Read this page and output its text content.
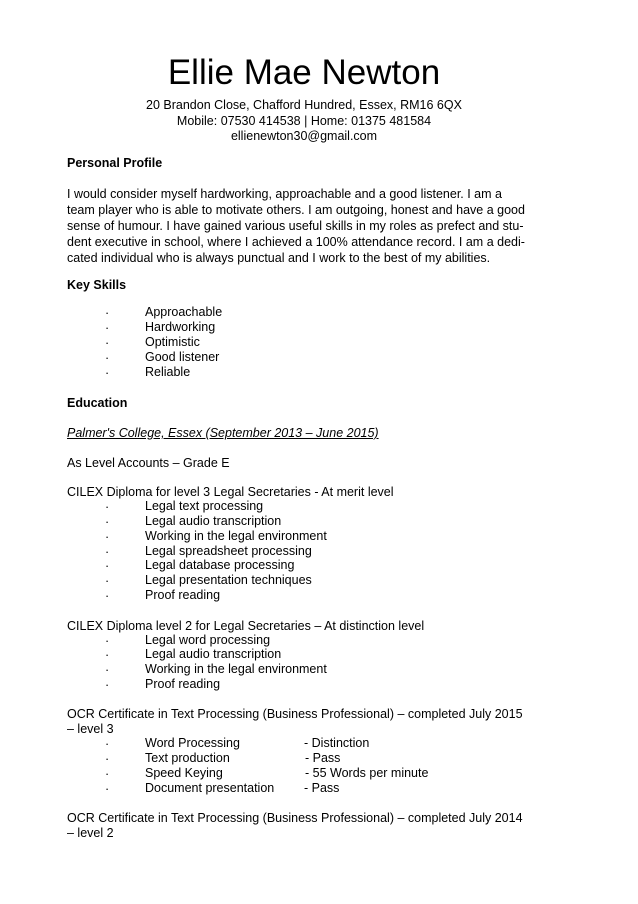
Ellie Mae Newton
20 Brandon Close, Chafford Hundred, Essex, RM16 6QX
Mobile: 07530 414538 | Home: 01375 481584
ellienewton30@gmail.com
Personal Profile
I would consider myself hardworking, approachable and a good listener. I am a
team player who is able to motivate others. I am outgoing, honest and have a good
sense of humour. I have gained various useful skills in my roles as prefect and stu-
dent executive in school, where I achieved a 100% attendance record. I am a dedi-
cated individual who is always punctual and I work to the best of my abilities.
Key Skills
·	Approachable
·	Hardworking
·	Optimistic
·	Good listener
·	Reliable
Education
Palmer's College, Essex (September 2013 – June 2015)
As Level Accounts – Grade E
CILEX Diploma for level 3 Legal Secretaries - At merit level
·	Legal text processing
·	Legal audio transcription
·	Working in the legal environment
·	Legal spreadsheet processing
·	Legal database processing
·	Legal presentation techniques
·	Proof reading
CILEX Diploma level 2 for Legal Secretaries – At distinction level
·	Legal word processing
·	Legal audio transcription
·	Working in the legal environment
·	Proof reading
OCR Certificate in Text Processing (Business Professional) – completed July 2015
– level 3
·	Word Processing	- Distinction
·	Text production	- Pass
·	Speed Keying	- 55 Words per minute
·	Document presentation - Pass
OCR Certificate in Text Processing (Business Professional) – completed July 2014
– level 2
